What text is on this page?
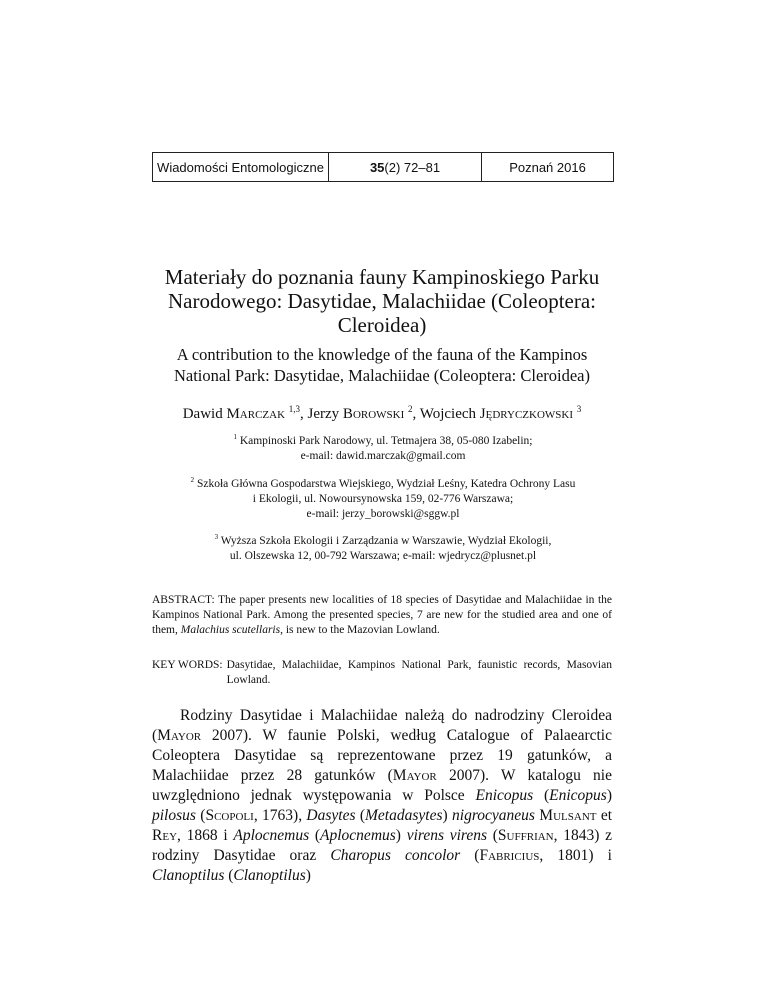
Wiadomości Entomologiczne	35 (2) 72–81	Poznań 2016
Materiały do poznania fauny Kampinoskiego Parku Narodowego: Dasytidae, Malachiidae (Coleoptera: Cleroidea)
A contribution to the knowledge of the fauna of the Kampinos National Park: Dasytidae, Malachiidae (Coleoptera: Cleroidea)
Dawid Marczak $^{1,3}$, Jerzy Borowski $^2$, Wojciech Jędryczkowski $^3$
$^1$ Kampinoski Park Narodowy, ul. Tetmajera 38, 05-080 Izabelin;
e-mail: dawid.marczak@gmail.com
$^2$ Szkoła Główna Gospodarstwa Wiejskiego, Wydział Leśny, Katedra Ochrony Lasu
i Ekologii, ul. Nowoursynowska 159, 02-776 Warszawa;
e-mail: jerzy_borowski@sggw.pl
$^3$ Wyższa Szkoła Ekologii i Zarządzania w Warszawie, Wydział Ekologii,
ul. Olszewska 12, 00-792 Warszawa; e-mail: wjedrycz@plusnet.pl
ABSTRACT: The paper presents new localities of 18 species of Dasytidae and Malachiidae in the Kampinos National Park. Among the presented species, 7 are new for the studied area and one of them, Malachius scutellaris, is new to the Mazovian Lowland.
KEY WORDS: Dasytidae, Malachiidae, Kampinos National Park, faunistic records, Masovian Lowland.

Rodziny Dasytidae i Malachiidae należą do nadrodziny Cleroidea (Mayor 2007). W faunie Polski, według Catalogue of Palaearctic Coleoptera Dasytidae są reprezentowane przez 19 gatunków, a Malachiidae przez 28 gatunków (Mayor 2007). W katalogu nie uwzględniono jednak występowania w Polsce Enicopus (Enicopus) pilosus (Scopoli, 1763), Dasytes (Metadasytes) nigrocyaneus Mulsant et Rey, 1868 i Aplocnemus (Aplocnemus) virens virens (Suffrian, 1843) z rodziny Dasytidae oraz Charopus concolor (Fabricius, 1801) i Clanoptilus (Clanoptilus)
